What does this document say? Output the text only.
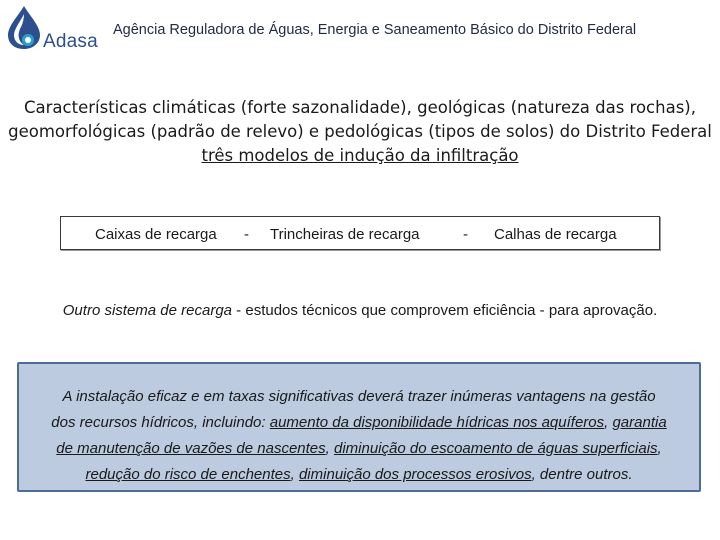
Adasa
Agência Reguladora de Águas, Energia e Saneamento Básico do Distrito Federal
Características climáticas (forte sazonalidade), geológicas (natureza das rochas),
geomorfológicas (padrão de relevo) e pedológicas (tipos de solos) do Distrito Federal
três modelos de indução da infiltração
Caixas de recarga - Trincheiras de recarga	- Calhas de recarga
Outro sistema de recarga - estudos técnicos que comprovem eficiência - para aprovação.
A instalação eficaz e em taxas significativas deverá trazer inúmeras vantagens na gestão
dos recursos hídricos, incluindo: aumento da disponibilidade hídricas nos aquíferos, garantia
de manutenção de vazões de nascentes, diminuição do escoamento de águas superficiais,
redução do risco de enchentes, diminuição dos processos erosivos, dentre outros.
